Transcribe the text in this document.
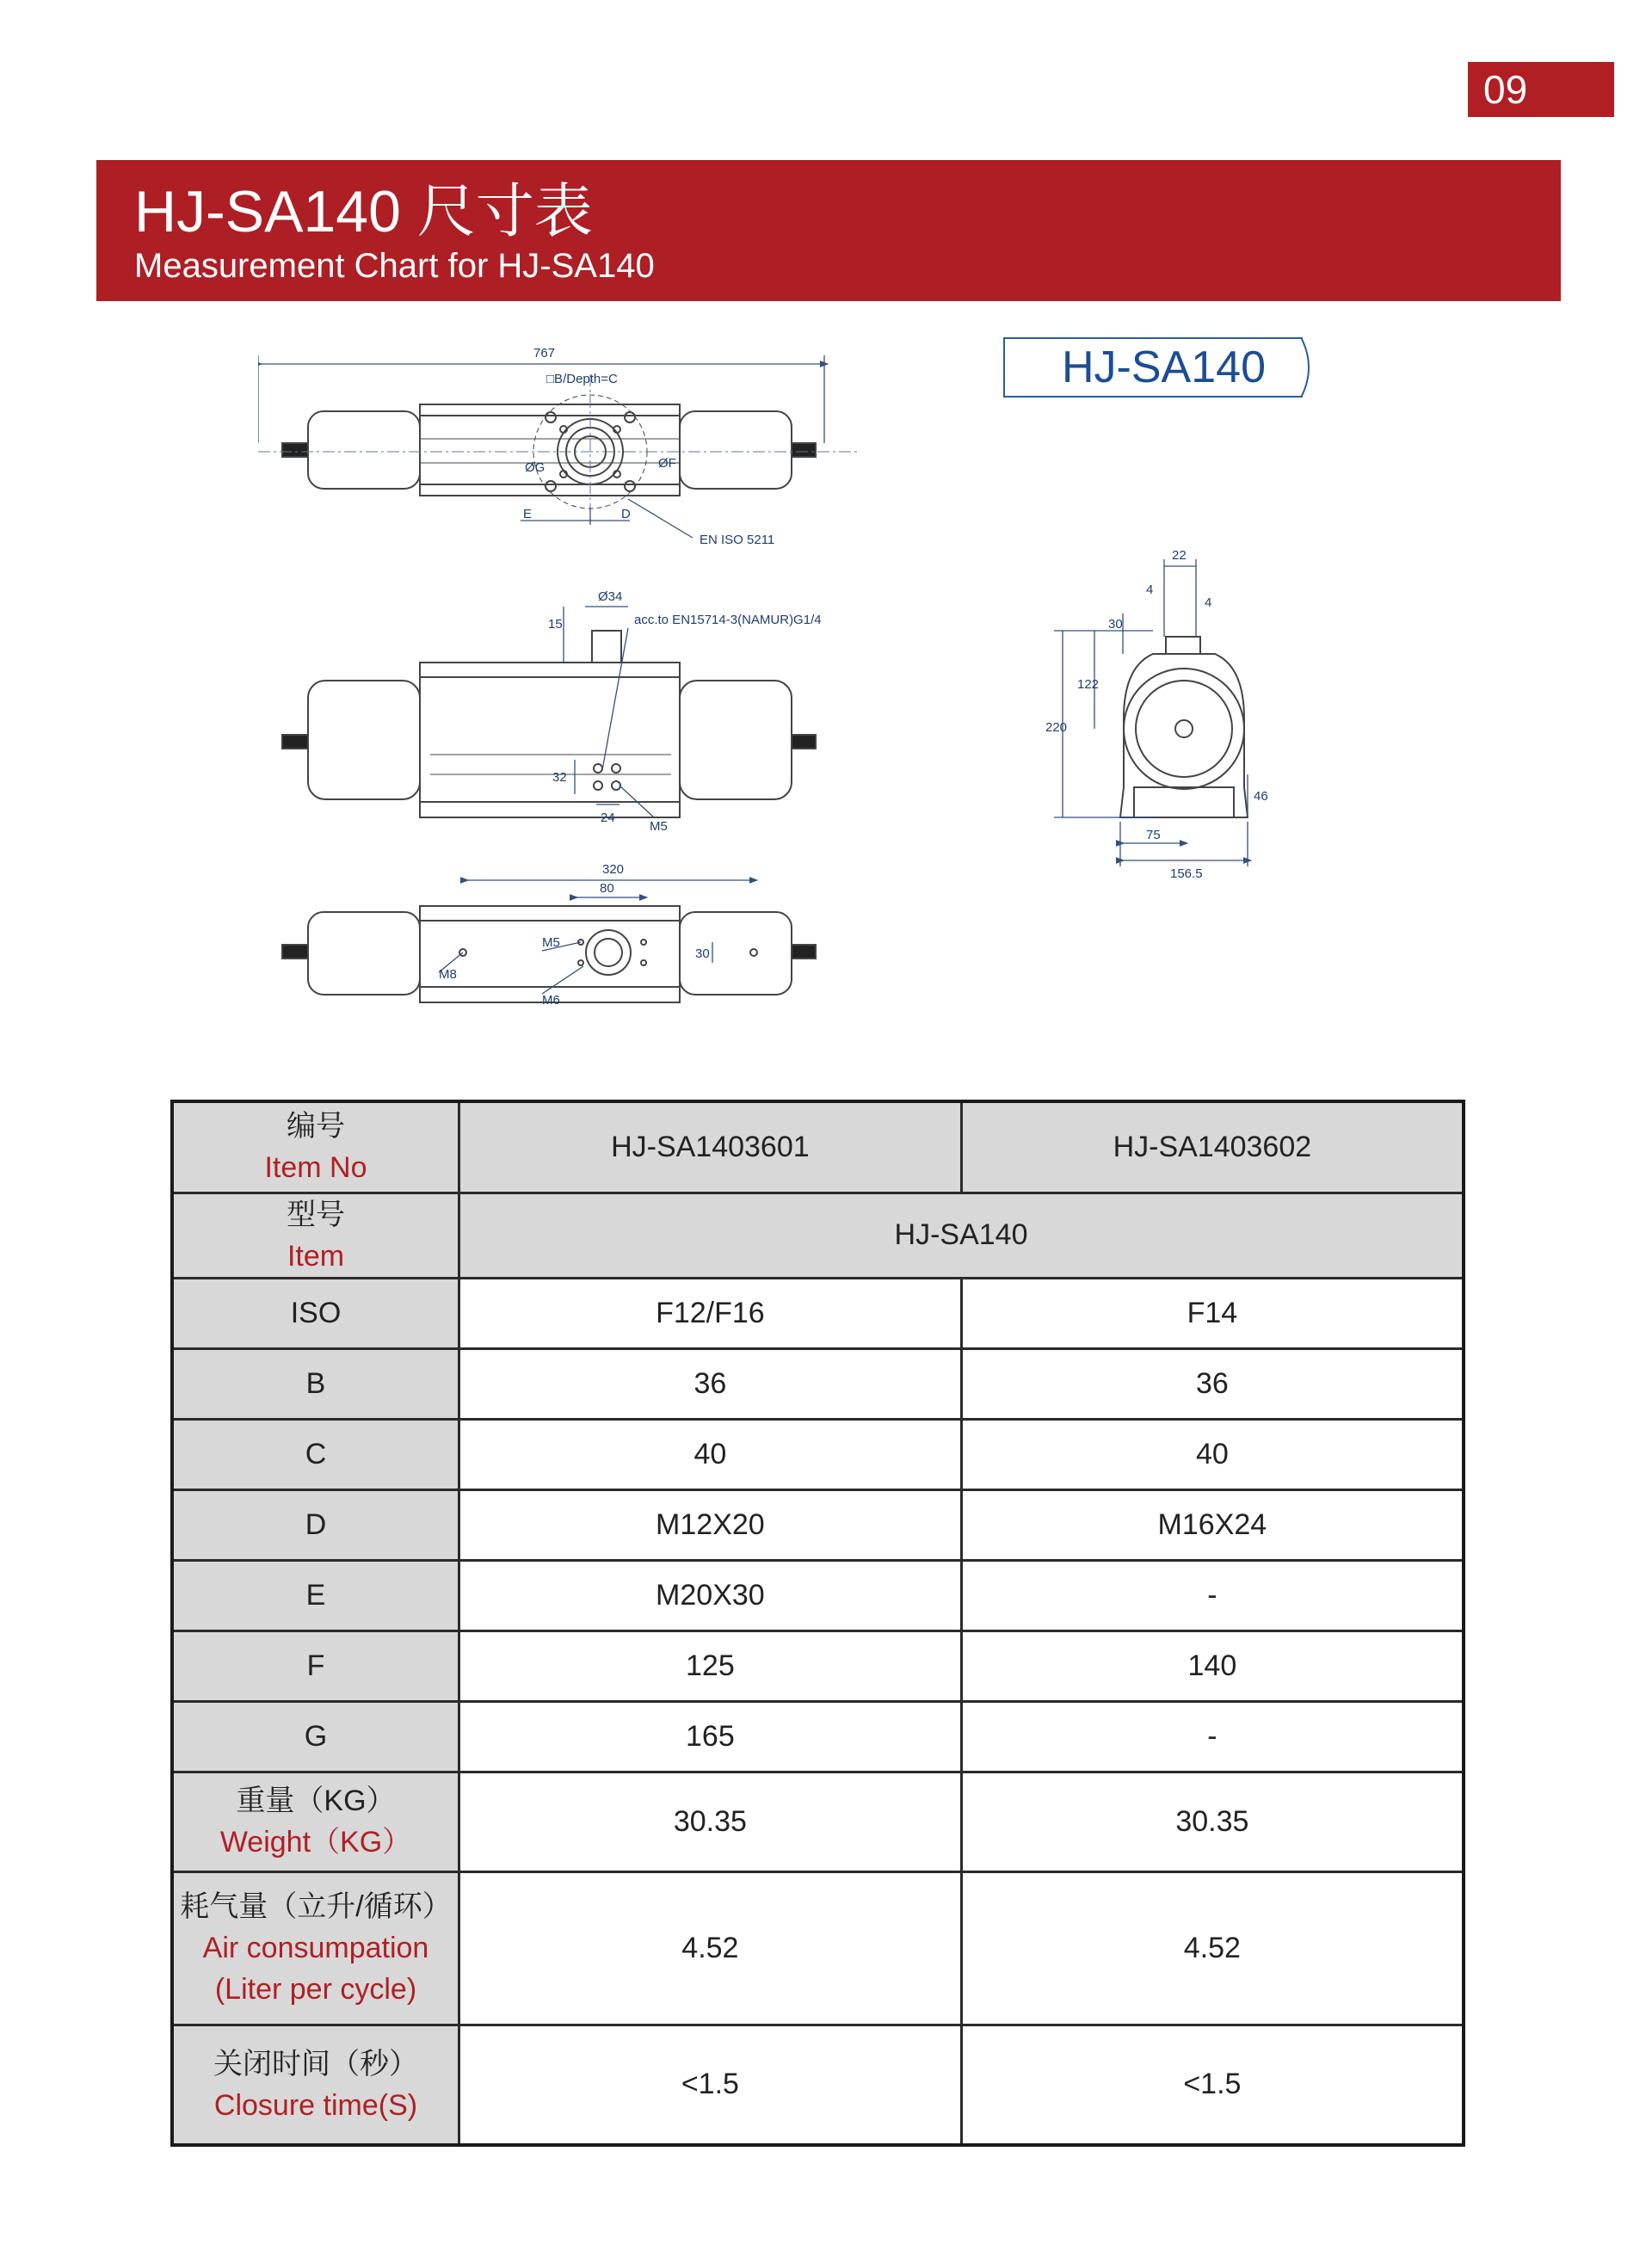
09
HJ-SA140 尺寸表
Measurement Chart for HJ-SA140
HJ-SA140
767
□B/Depth=C
ØG	ØF
E	D
EN ISO 5211
Ø34
15	acc.to EN15714-3(NAMUR)G1/4
32
24
M5
320
80
30
M8
M5
M6
22
4
4
30
122
220
46
75
156.5
编号
Item No	HJ-SA1403601	HJ-SA1403602

型号
Item	HJ-SA140	
ISO	F12/F16	F14
B	36	36
C	40	40
D	M12X20	M16X24
E	M20X30	-
F	125	140
G	165	-

重量（KG）
Weight（KG）	30.35	30.35

耗气量（立升/循环）
Air consumpation
(Liter per cycle)	4.52	4.52

关闭时间（秒）
Closure time(S)	<1.5	<1.5
